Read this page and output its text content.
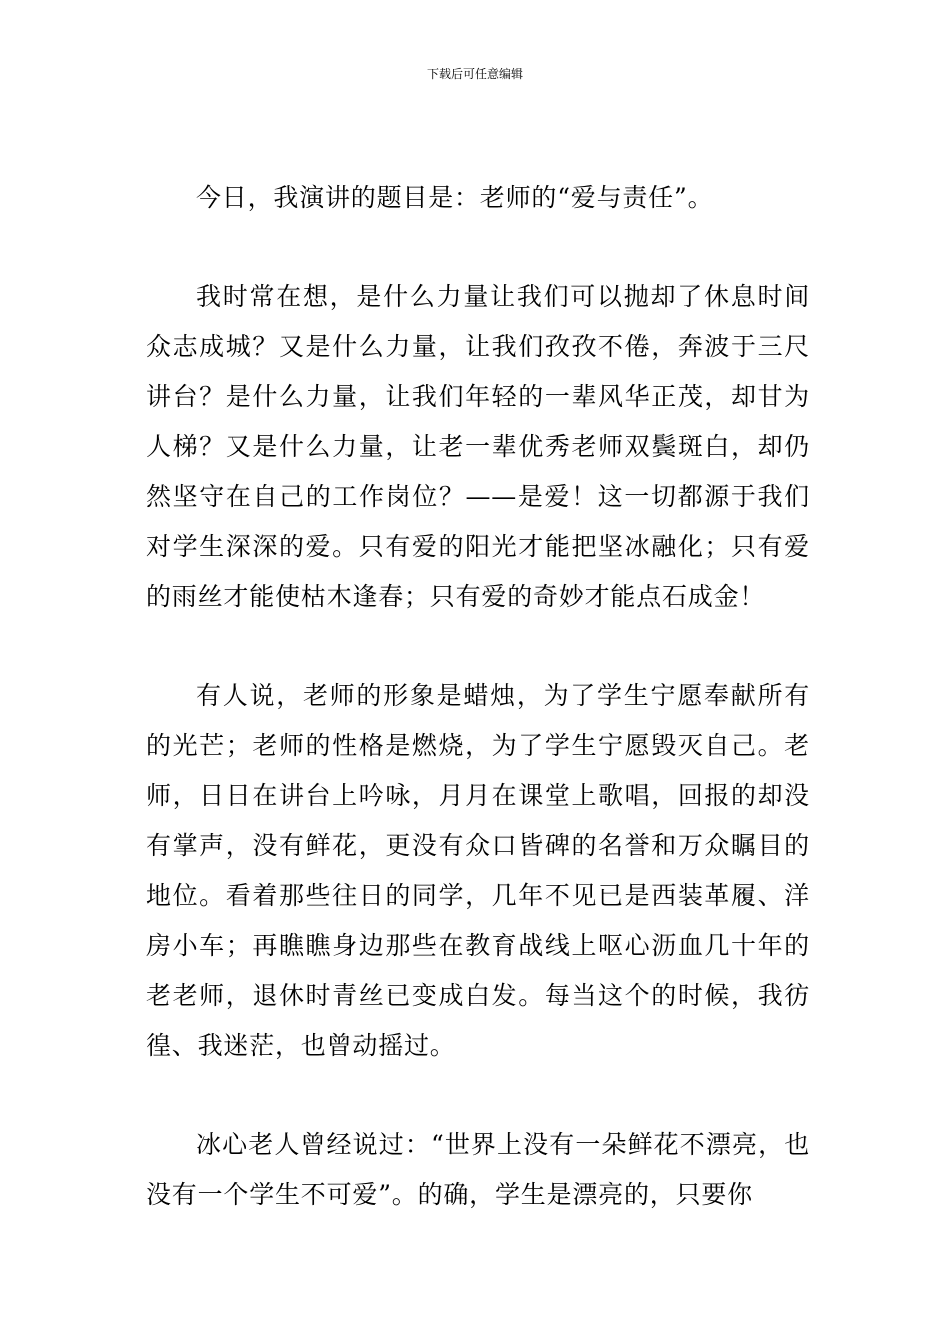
下载后可任意编辑

今日，我演讲的题目是：老师的“爱与责任”。

我时常在想，是什么力量让我们可以抛却了休息时间众志成城？又是什么力量，让我们孜孜不倦，奔波于三尺讲台？是什么力量，让我们年轻的一辈风华正茂，却甘为人梯？又是什么力量，让老一辈优秀老师双鬓斑白，却仍然坚守在自己的工作岗位？——是爱！这一切都源于我们对学生深深的爱。只有爱的阳光才能把坚冰融化；只有爱的雨丝才能使枯木逢春；只有爱的奇妙才能点石成金！

有人说，老师的形象是蜡烛，为了学生宁愿奉献所有的光芒；老师的性格是燃烧，为了学生宁愿毁灭自己。老师，日日在讲台上吟咏，月月在课堂上歌唱，回报的却没有掌声，没有鲜花，更没有众口皆碑的名誉和万众瞩目的地位。看着那些往日的同学，几年不见已是西装革履、洋房小车；再瞧瞧身边那些在教育战线上呕心沥血几十年的老老师，退休时青丝已变成白发。每当这个的时候，我彷徨、我迷茫，也曾动摇过。

冰心老人曾经说过：“世界上没有一朵鲜花不漂亮，也没有一个学生不可爱”。的确，学生是漂亮的，只要你
